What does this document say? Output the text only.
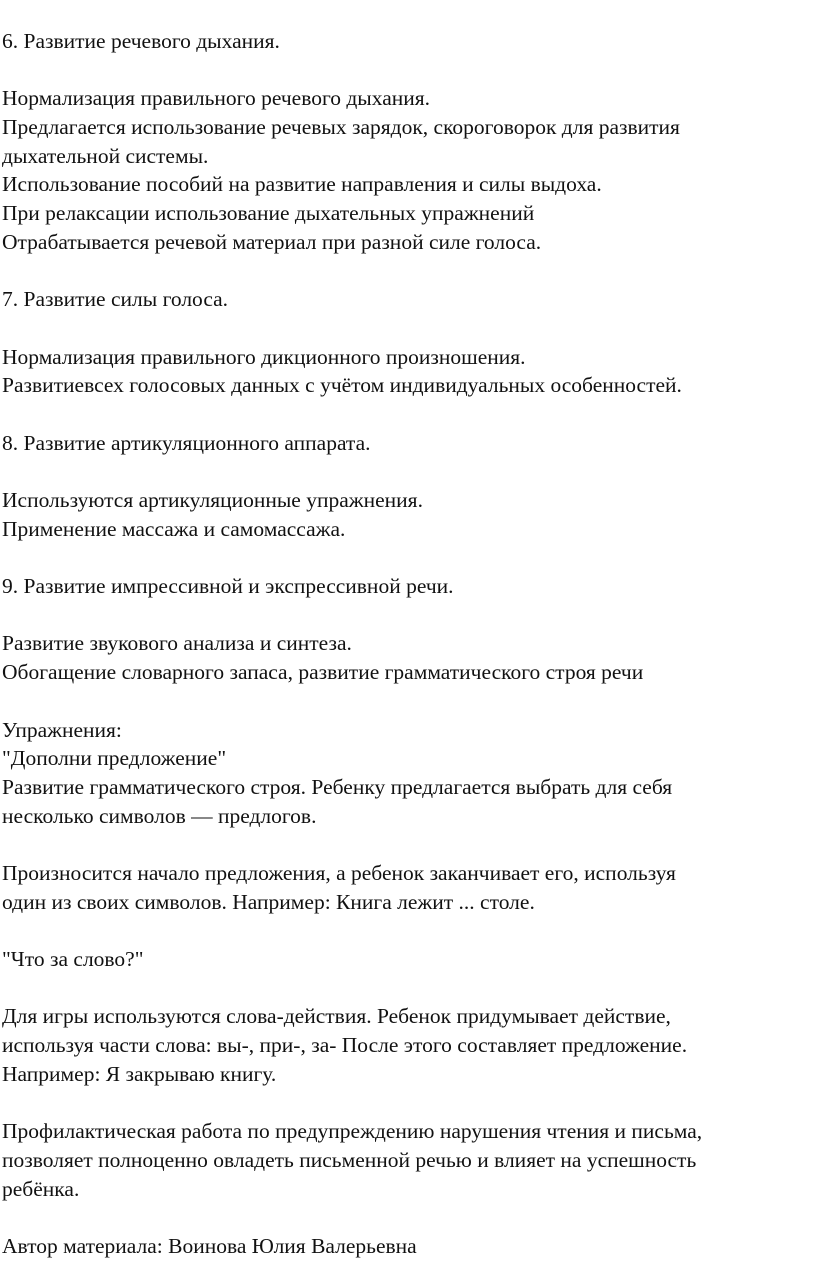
6. Развитие речевого дыхания.
Нормализация правильного речевого дыхания.
Предлагается использование речевых зарядок, скороговорок для развития
дыхательной системы.
Использование пособий на развитие направления и силы выдоха.
При релаксации использование дыхательных упражнений
Отрабатывается речевой материал при разной силе голоса.
7. Развитие силы голоса.
Нормализация правильного дикционного произношения.
Развитиевсех голосовых данных с учётом индивидуальных особенностей.
8. Развитие артикуляционного аппарата.
Используются артикуляционные упражнения.
Применение массажа и самомассажа.
9. Развитие импрессивной и экспрессивной речи.
Развитие звукового анализа и синтеза.
Обогащение словарного запаса, развитие грамматического строя речи
Упражнения:
"Дополни предложение"
Развитие грамматического строя. Ребенку предлагается выбрать для себя
несколько символов — предлогов.
Произносится начало предложения, а ребенок заканчивает его, используя
один из своих символов. Например: Книга лежит ... столе.
"Что за слово?"
Для игры используются слова-действия. Ребенок придумывает действие,
используя части слова: вы-, при-, за- После этого составляет предложение.
Например: Я закрываю книгу.
Профилактическая работа по предупреждению нарушения чтения и письма,
позволяет полноценно овладеть письменной речью и влияет на успешность
ребёнка.
Автор материала: Воинова Юлия Валерьевна
